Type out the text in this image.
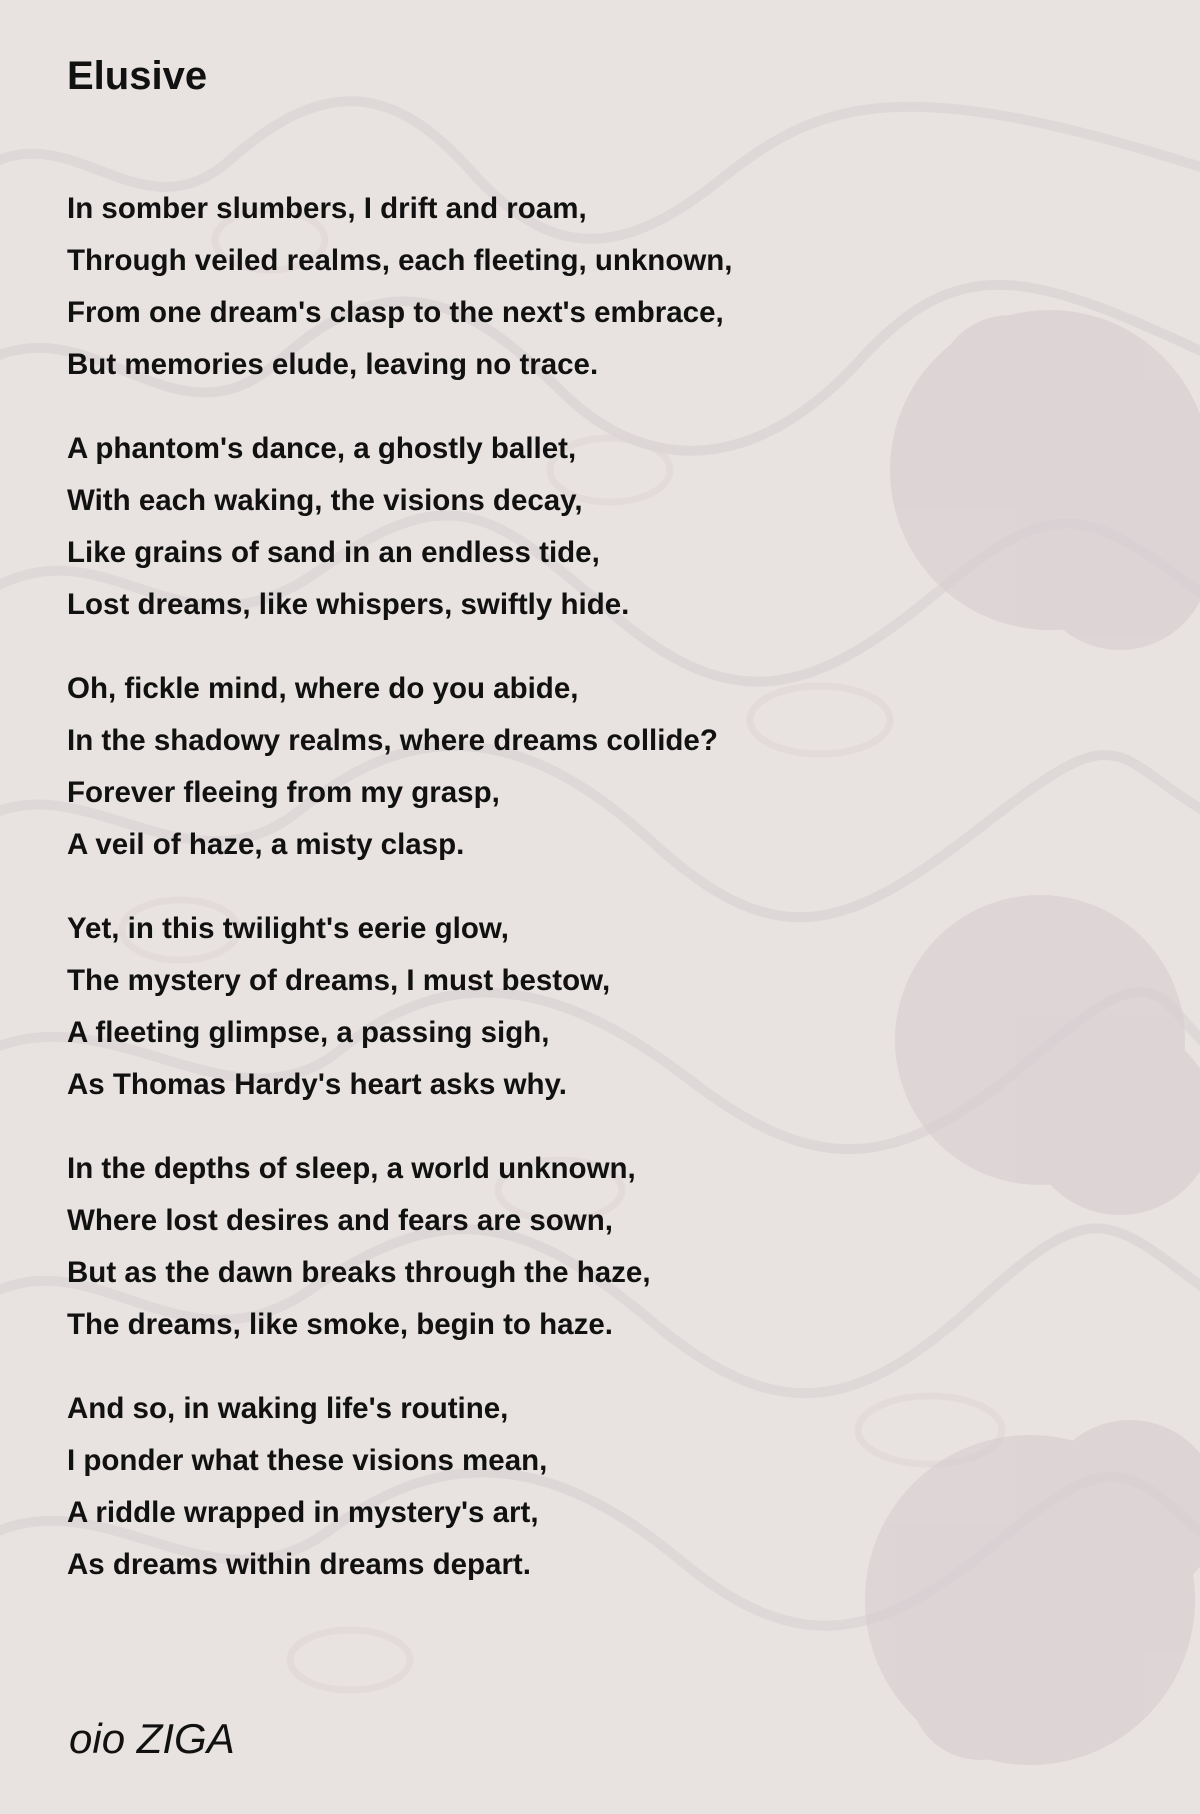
Elusive
In somber slumbers, I drift and roam,
Through veiled realms, each fleeting, unknown,
From one dream's clasp to the next's embrace,
But memories elude, leaving no trace.
A phantom's dance, a ghostly ballet,
With each waking, the visions decay,
Like grains of sand in an endless tide,
Lost dreams, like whispers, swiftly hide.
Oh, fickle mind, where do you abide,
In the shadowy realms, where dreams collide?
Forever fleeing from my grasp,
A veil of haze, a misty clasp.
Yet, in this twilight's eerie glow,
The mystery of dreams, I must bestow,
A fleeting glimpse, a passing sigh,
As Thomas Hardy's heart asks why.
In the depths of sleep, a world unknown,
Where lost desires and fears are sown,
But as the dawn breaks through the haze,
The dreams, like smoke, begin to haze.
And so, in waking life's routine,
I ponder what these visions mean,
A riddle wrapped in mystery's art,
As dreams within dreams depart.
oio ZIGA
